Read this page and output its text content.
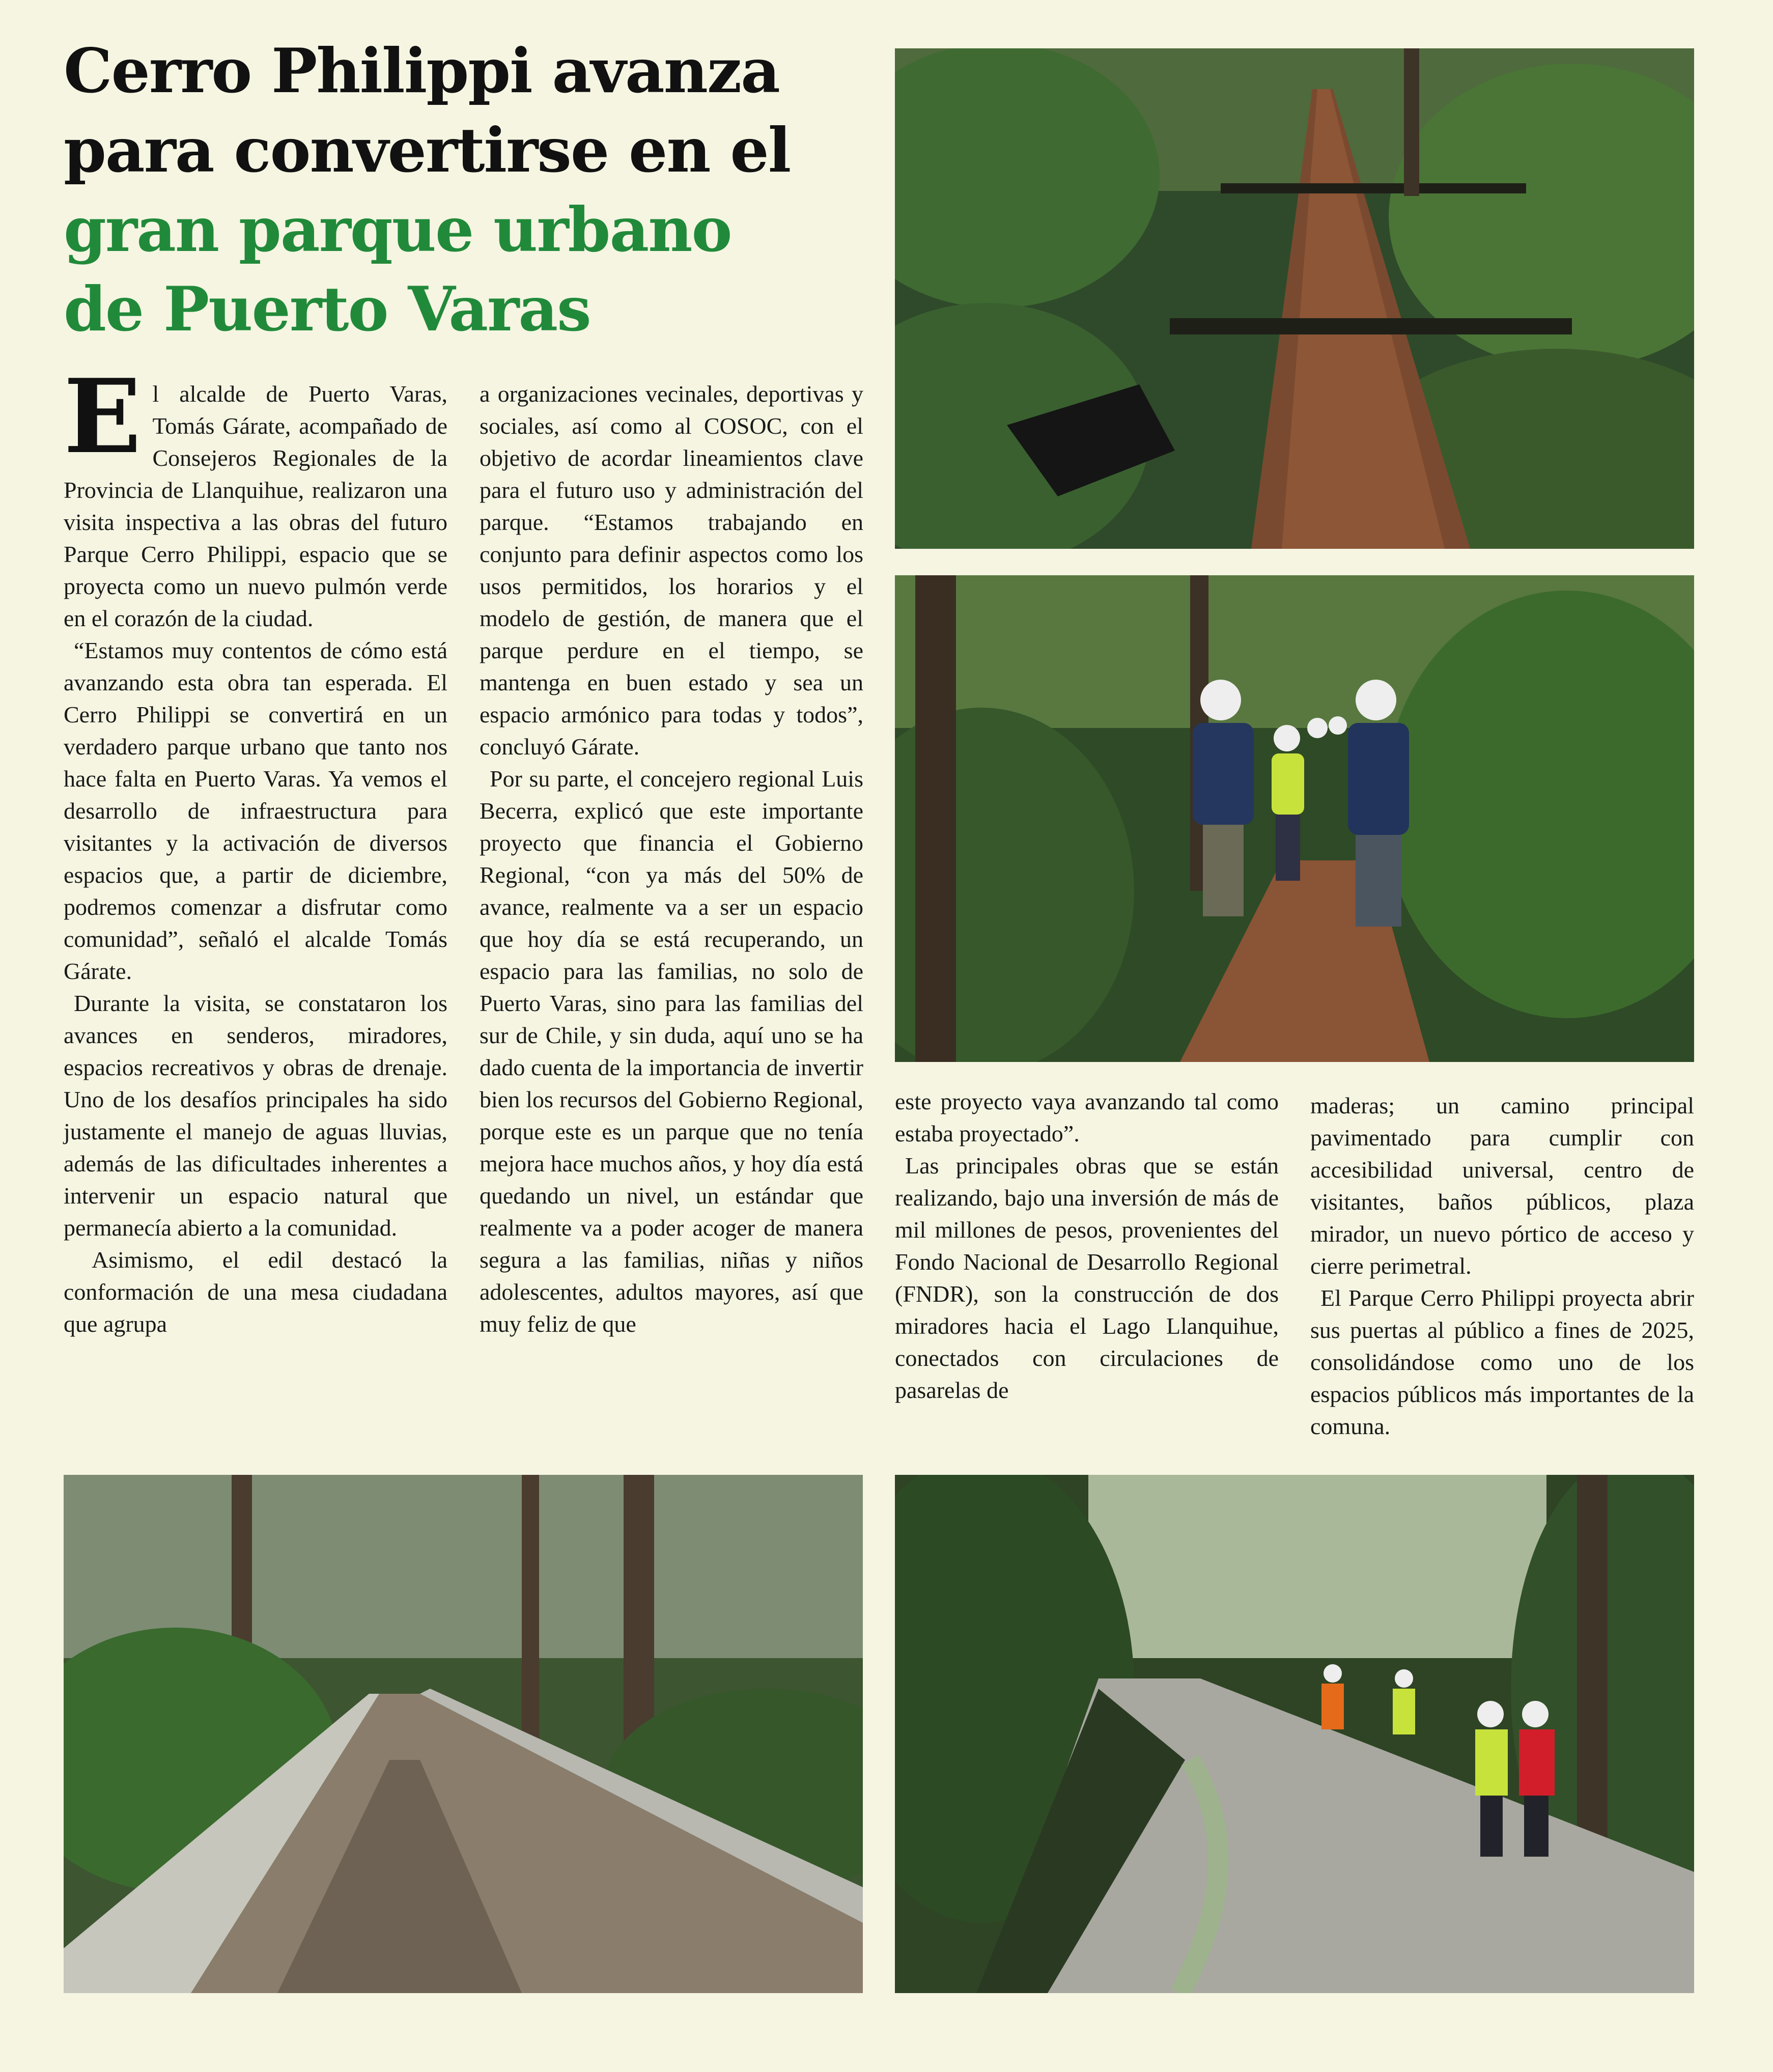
Cerro Philippi avanza
para convertirse en el
gran parque urbano
de Puerto Varas

El alcalde de Puerto Varas, Tomás Gárate, acompañado de Consejeros Regionales de la Provincia de Llanquihue, realizaron una visita inspectiva a las obras del futuro Parque Cerro Philippi, espacio que se proyecta como un nuevo pulmón verde en el corazón de la ciudad.

“Estamos muy contentos de cómo está avanzando esta obra tan esperada. El Cerro Philippi se convertirá en un verdadero parque urbano que tanto nos hace falta en Puerto Varas. Ya vemos el desarrollo de infraestructura para visitantes y la activación de diversos espacios que, a partir de diciembre, podremos comenzar a disfrutar como comunidad”, señaló el alcalde Tomás Gárate.

Durante la visita, se constataron los avances en senderos, miradores, espacios recreativos y obras de drenaje. Uno de los desafíos principales ha sido justamente el manejo de aguas lluvias, además de las dificultades inherentes a intervenir un espacio natural que permanecía abierto a la comunidad.

Asimismo, el edil destacó la conformación de una mesa ciudadana que agrupa

a organizaciones vecinales, deportivas y sociales, así como al COSOC, con el objetivo de acordar lineamientos clave para el futuro uso y administración del parque. “Estamos trabajando en conjunto para definir aspectos como los usos permitidos, los horarios y el modelo de gestión, de manera que el parque perdure en el tiempo, se mantenga en buen estado y sea un espacio armónico para todas y todos”, concluyó Gárate.

Por su parte, el concejero regional Luis Becerra, explicó que este importante proyecto que financia el Gobierno Regional, “con ya más del 50% de avance, realmente va a ser un espacio que hoy día se está recuperando, un espacio para las familias, no solo de Puerto Varas, sino para las familias del sur de Chile, y sin duda, aquí uno se ha dado cuenta de la importancia de invertir bien los recursos del Gobierno Regional, porque este es un parque que no tenía mejora hace muchos años, y hoy día está quedando un nivel, un estándar que realmente va a poder acoger de manera segura a las familias, niñas y niños adolescentes, adultos mayores, así que muy feliz de que

este proyecto vaya avanzando tal como estaba proyectado”.

Las principales obras que se están realizando, bajo una inversión de más de mil millones de pesos, provenientes del Fondo Nacional de Desarrollo Regional (FNDR), son la construcción de dos miradores hacia el Lago Llanquihue, conectados con circulaciones de pasarelas de

maderas; un camino principal pavimentado para cumplir con accesibilidad universal, centro de visitantes, baños públicos, plaza mirador, un nuevo pórtico de acceso y cierre perimetral.

El Parque Cerro Philippi proyecta abrir sus puertas al público a fines de 2025, consolidándose como uno de los espacios públicos más importantes de la comuna.
